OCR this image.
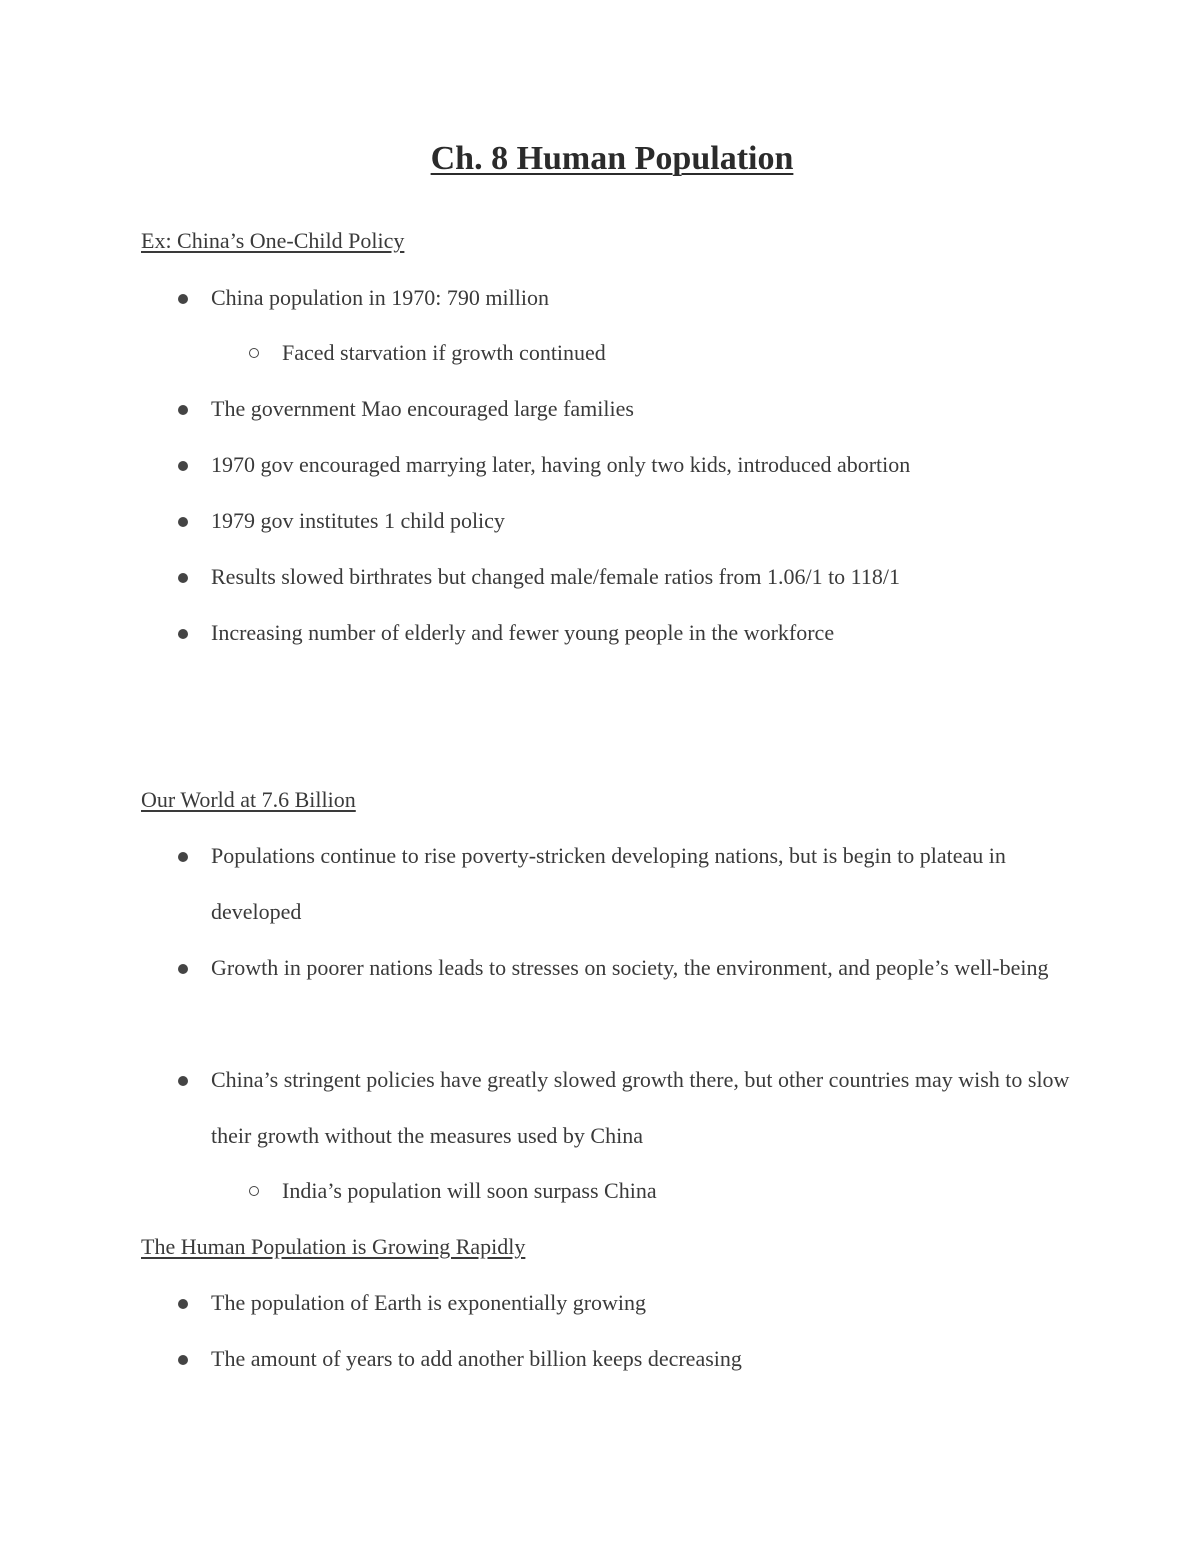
Ch. 8 Human Population

Ex: China’s One-Child Policy

China population in 1970: 790 million

Faced starvation if growth continued

The government Mao encouraged large families

1970 gov encouraged marrying later, having only two kids, introduced abortion

1979 gov institutes 1 child policy

Results slowed birthrates but changed male/female ratios from 1.06/1 to 118/1

Increasing number of elderly and fewer young people in the workforce

Our World at 7.6 Billion

Populations continue to rise poverty-stricken developing nations, but is begin to plateau in developed

Growth in poorer nations leads to stresses on society, the environment, and people’s well-being

China’s stringent policies have greatly slowed growth there, but other countries may wish to slow their growth without the measures used by China

India’s population will soon surpass China

The Human Population is Growing Rapidly

The population of Earth is exponentially growing

The amount of years to add another billion keeps decreasing
